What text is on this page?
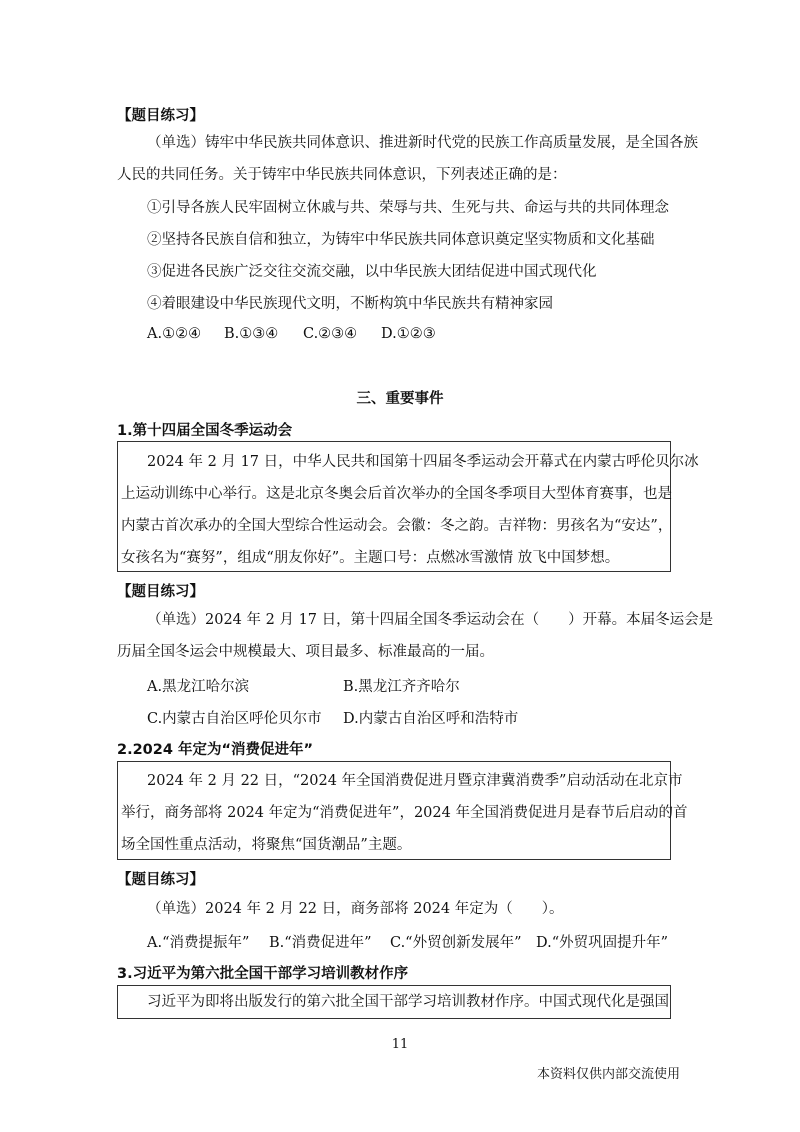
【题目练习】
（单选）铸牢中华民族共同体意识、推进新时代党的民族工作高质量发展，是全国各族
人民的共同任务。关于铸牢中华民族共同体意识，下列表述正确的是：
①引导各族人民牢固树立休戚与共、荣辱与共、生死与共、命运与共的共同体理念
②坚持各民族自信和独立，为铸牢中华民族共同体意识奠定坚实物质和文化基础
③促进各民族广泛交往交流交融，以中华民族大团结促进中国式现代化
④着眼建设中华民族现代文明，不断构筑中华民族共有精神家园
A.①②④ B.①③④ C.②③④ D.①②③
三、重要事件
1.第十四届全国冬季运动会
2024 年 2 月 17 日，中华人民共和国第十四届冬季运动会开幕式在内蒙古呼伦贝尔冰
上运动训练中心举行。这是北京冬奥会后首次举办的全国冬季项目大型体育赛事，也是
内蒙古首次承办的全国大型综合性运动会。会徽：冬之韵。吉祥物：男孩名为“安达”，
女孩名为“赛努”，组成“朋友你好”。主题口号：点燃冰雪激情 放飞中国梦想。
【题目练习】
（单选）2024 年 2 月 17 日，第十四届全国冬季运动会在（　　）开幕。本届冬运会是
历届全国冬运会中规模最大、项目最多、标准最高的一届。
A.黑龙江哈尔滨	B.黑龙江齐齐哈尔
C.内蒙古自治区呼伦贝尔市 D.内蒙古自治区呼和浩特市
2.2024 年定为“消费促进年”
2024 年 2 月 22 日，“2024 年全国消费促进月暨京津冀消费季”启动活动在北京市
举行，商务部将 2024 年定为“消费促进年”，2024 年全国消费促进月是春节后启动的首
场全国性重点活动，将聚焦“国货潮品”主题。
【题目练习】
（单选）2024 年 2 月 22 日，商务部将 2024 年定为（　　）。
A.“消费提振年” B.“消费促进年” C.“外贸创新发展年” D.“外贸巩固提升年”
3.习近平为第六批全国干部学习培训教材作序
习近平为即将出版发行的第六批全国干部学习培训教材作序。中国式现代化是强国
11
本资料仅供内部交流使用
